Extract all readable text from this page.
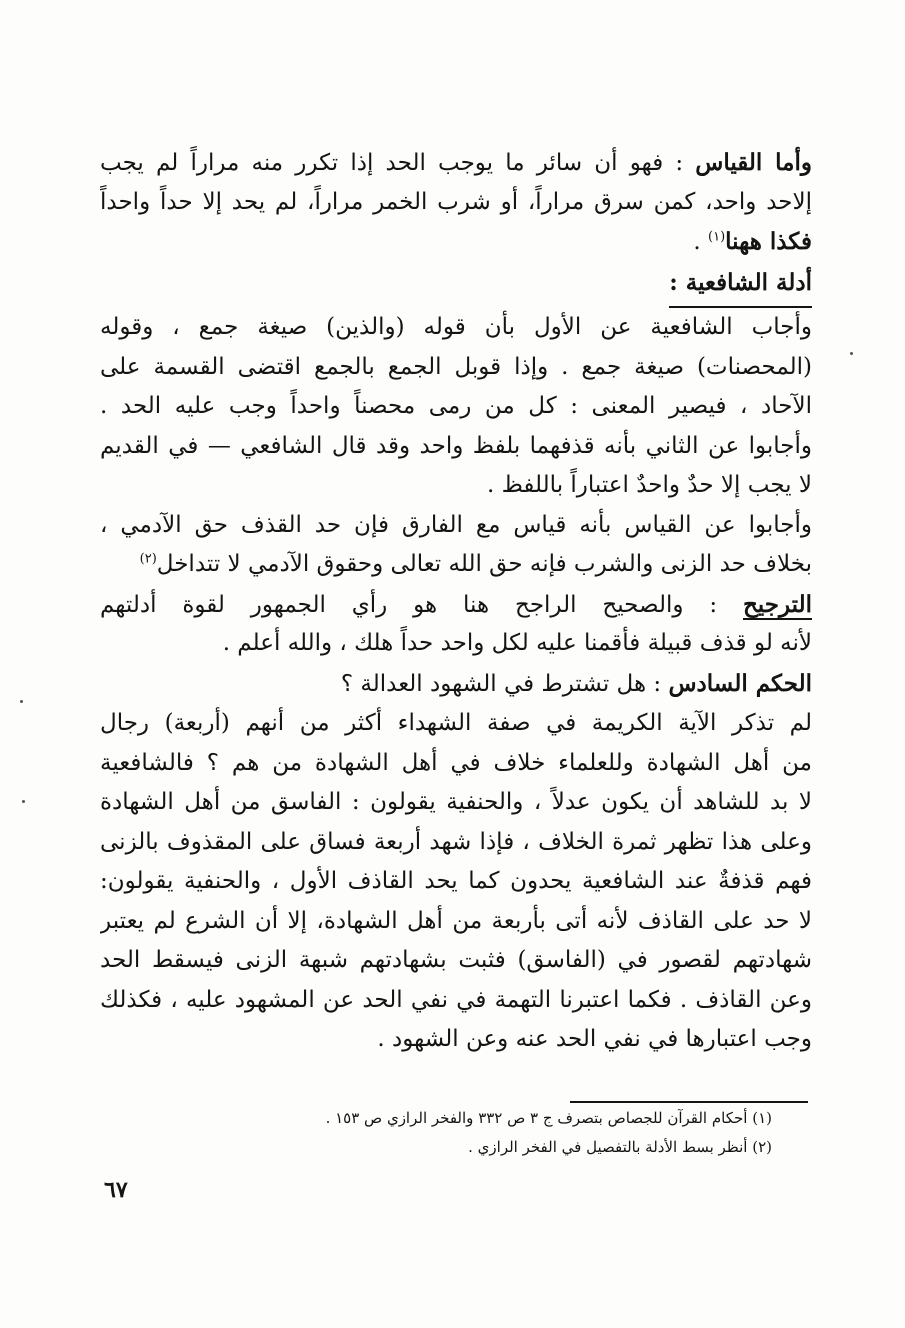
وأما القياس : فهو أن سائر ما يوجب الحد إذا تكرر منه مراراً لم يجب
إلاحد واحد، كمن سرق مراراً، أو شرب الخمر مراراً، لم يحد إلا حداً واحداً
فكذا ههنا$^{(١)}$ .
أدلة الشافعية :
وأجاب الشافعية عن الأول بأن قوله (والذين) صيغة جمع ، وقوله
(المحصنات) صيغة جمع . وإذا قوبل الجمع بالجمع اقتضى القسمة على
الآحاد ، فيصير المعنى : كل من رمى محصناً واحداً وجب عليه الحد .
وأجابوا عن الثاني بأنه قذفهما بلفظ واحد وقد قال الشافعي — في القديم
لا يجب إلا حدٌ واحدٌ اعتباراً باللفظ .
وأجابوا عن القياس بأنه قياس مع الفارق فإن حد القذف حق الآدمي ،
بخلاف حد الزنى والشرب فإنه حق الله تعالى وحقوق الآدمي لا تتداخل$^{(٢)}$
الترجيح : والصحيح الراجح هنا هو رأي الجمهور لقوة أدلتهم
لأنه لو قذف قبيلة فأقمنا عليه لكل واحد حداً هلك ، والله أعلم .
الحكم السادس : هل تشترط في الشهود العدالة ؟
لم تذكر الآية الكريمة في صفة الشهداء أكثر من أنهم (أربعة) رجال
من أهل الشهادة وللعلماء خلاف في أهل الشهادة من هم ؟ فالشافعية
لا بد للشاهد أن يكون عدلاً ، والحنفية يقولون : الفاسق من أهل الشهادة
وعلى هذا تظهر ثمرة الخلاف ، فإذا شهد أربعة فساق على المقذوف بالزنى
فهم قذفةٌ عند الشافعية يحدون كما يحد القاذف الأول ، والحنفية يقولون:
لا حد على القاذف لأنه أتى بأربعة من أهل الشهادة، إلا أن الشرع لم يعتبر
شهادتهم لقصور في (الفاسق) فثبت بشهادتهم شبهة الزنى فيسقط الحد
وعن القاذف . فكما اعتبرنا التهمة في نفي الحد عن المشهود عليه ، فكذلك
وجب اعتبارها في نفي الحد عنه وعن الشهود .
(١) أحكام القرآن للجصاص بتصرف ج ٣ ص ٣٣٢ والفخر الرازي ص ١٥٣ .
(٢) أنظر بسط الأدلة بالتفصيل في الفخر الرازي .
٦٧
